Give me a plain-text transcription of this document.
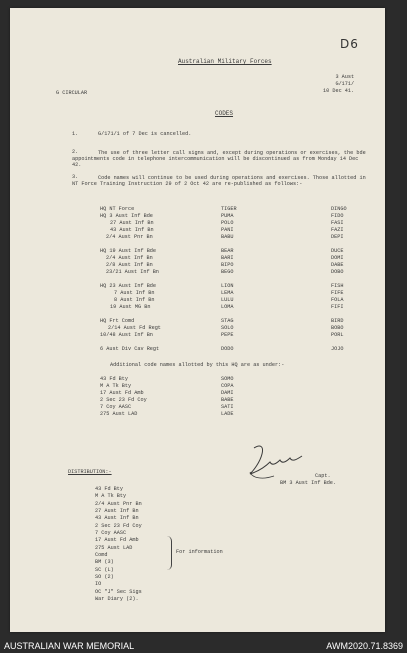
D6
Australian Military Forces
3 Aust
G/171/
10 Dec 41.
G CIRCULAR
CODES
1.	G/171/1 of 7 Dec is cancelled.
2.	The use of three letter call signs and, except during operations or exercises, the bde appointments code in telephone intercommunication will be discontinued as from Monday 14 Dec 42.
3.	Code names will continue to be used during operations and exercises. Those allotted in NT Force Training Instruction 29 of 2 Oct 42 are re-published as follows:-
HQ NT Force	TIGER	DINGO
HQ 3 Aust Inf Bde	PUMA	FIDO
27 Aust Inf Bn	POLO	FASI
43 Aust Inf Bn	PANI	FAZI
2/4 Aust Pnr Bn	BABU	DEPI
HQ 19 Aust Inf Bde	BEAR	DUCE
2/4 Aust Inf Bn	BARI	DOMI
2/8 Aust Inf Bn	BIPO	DABE
23/21 Aust Inf Bn	BEGO	DOBO
HQ 23 Aust Inf Bde	LION	FISH
7 Aust Inf Bn	LEMA	FIFE
8 Aust Inf Bn	LULU	FOLA
19 Aust MG Bn	LOMA	FIFI
HQ Frt Comd	STAG	BIRD
2/14 Aust Fd Regt	SOLO	BOBO
10/48 Aust Inf Bn	PEPE	PORL
6 Aust Div Cav Regt	DODO	JOJO
Additional code names allotted by this HQ are as under:-
43 Fd Bty	SOMO
M A Tk Bty	COPA
17 Aust Fd Amb	DAMI
2 Sec 23 Fd Coy	BABE
7 Coy AASC	SATI
275 Aust LAD	LADE
Capt.
BM 3 Aust Inf Bde.
DISTRIBUTION:-
43 Fd Bty
M A Tk Bty
2/4 Aust Pnr Bn
27 Aust Inf Bn
43 Aust Inf Bn
2 Sec 23 Fd Coy
7 Coy AASC
17 Aust Fd Amb
275 Aust LAD
Comd
BM (3)
SC (L)
SO (2)
IO
OC "J" Sec Sigs
War Diary (2).
For information
AUSTRALIAN WAR MEMORIAL	AWM2020.71.8369
